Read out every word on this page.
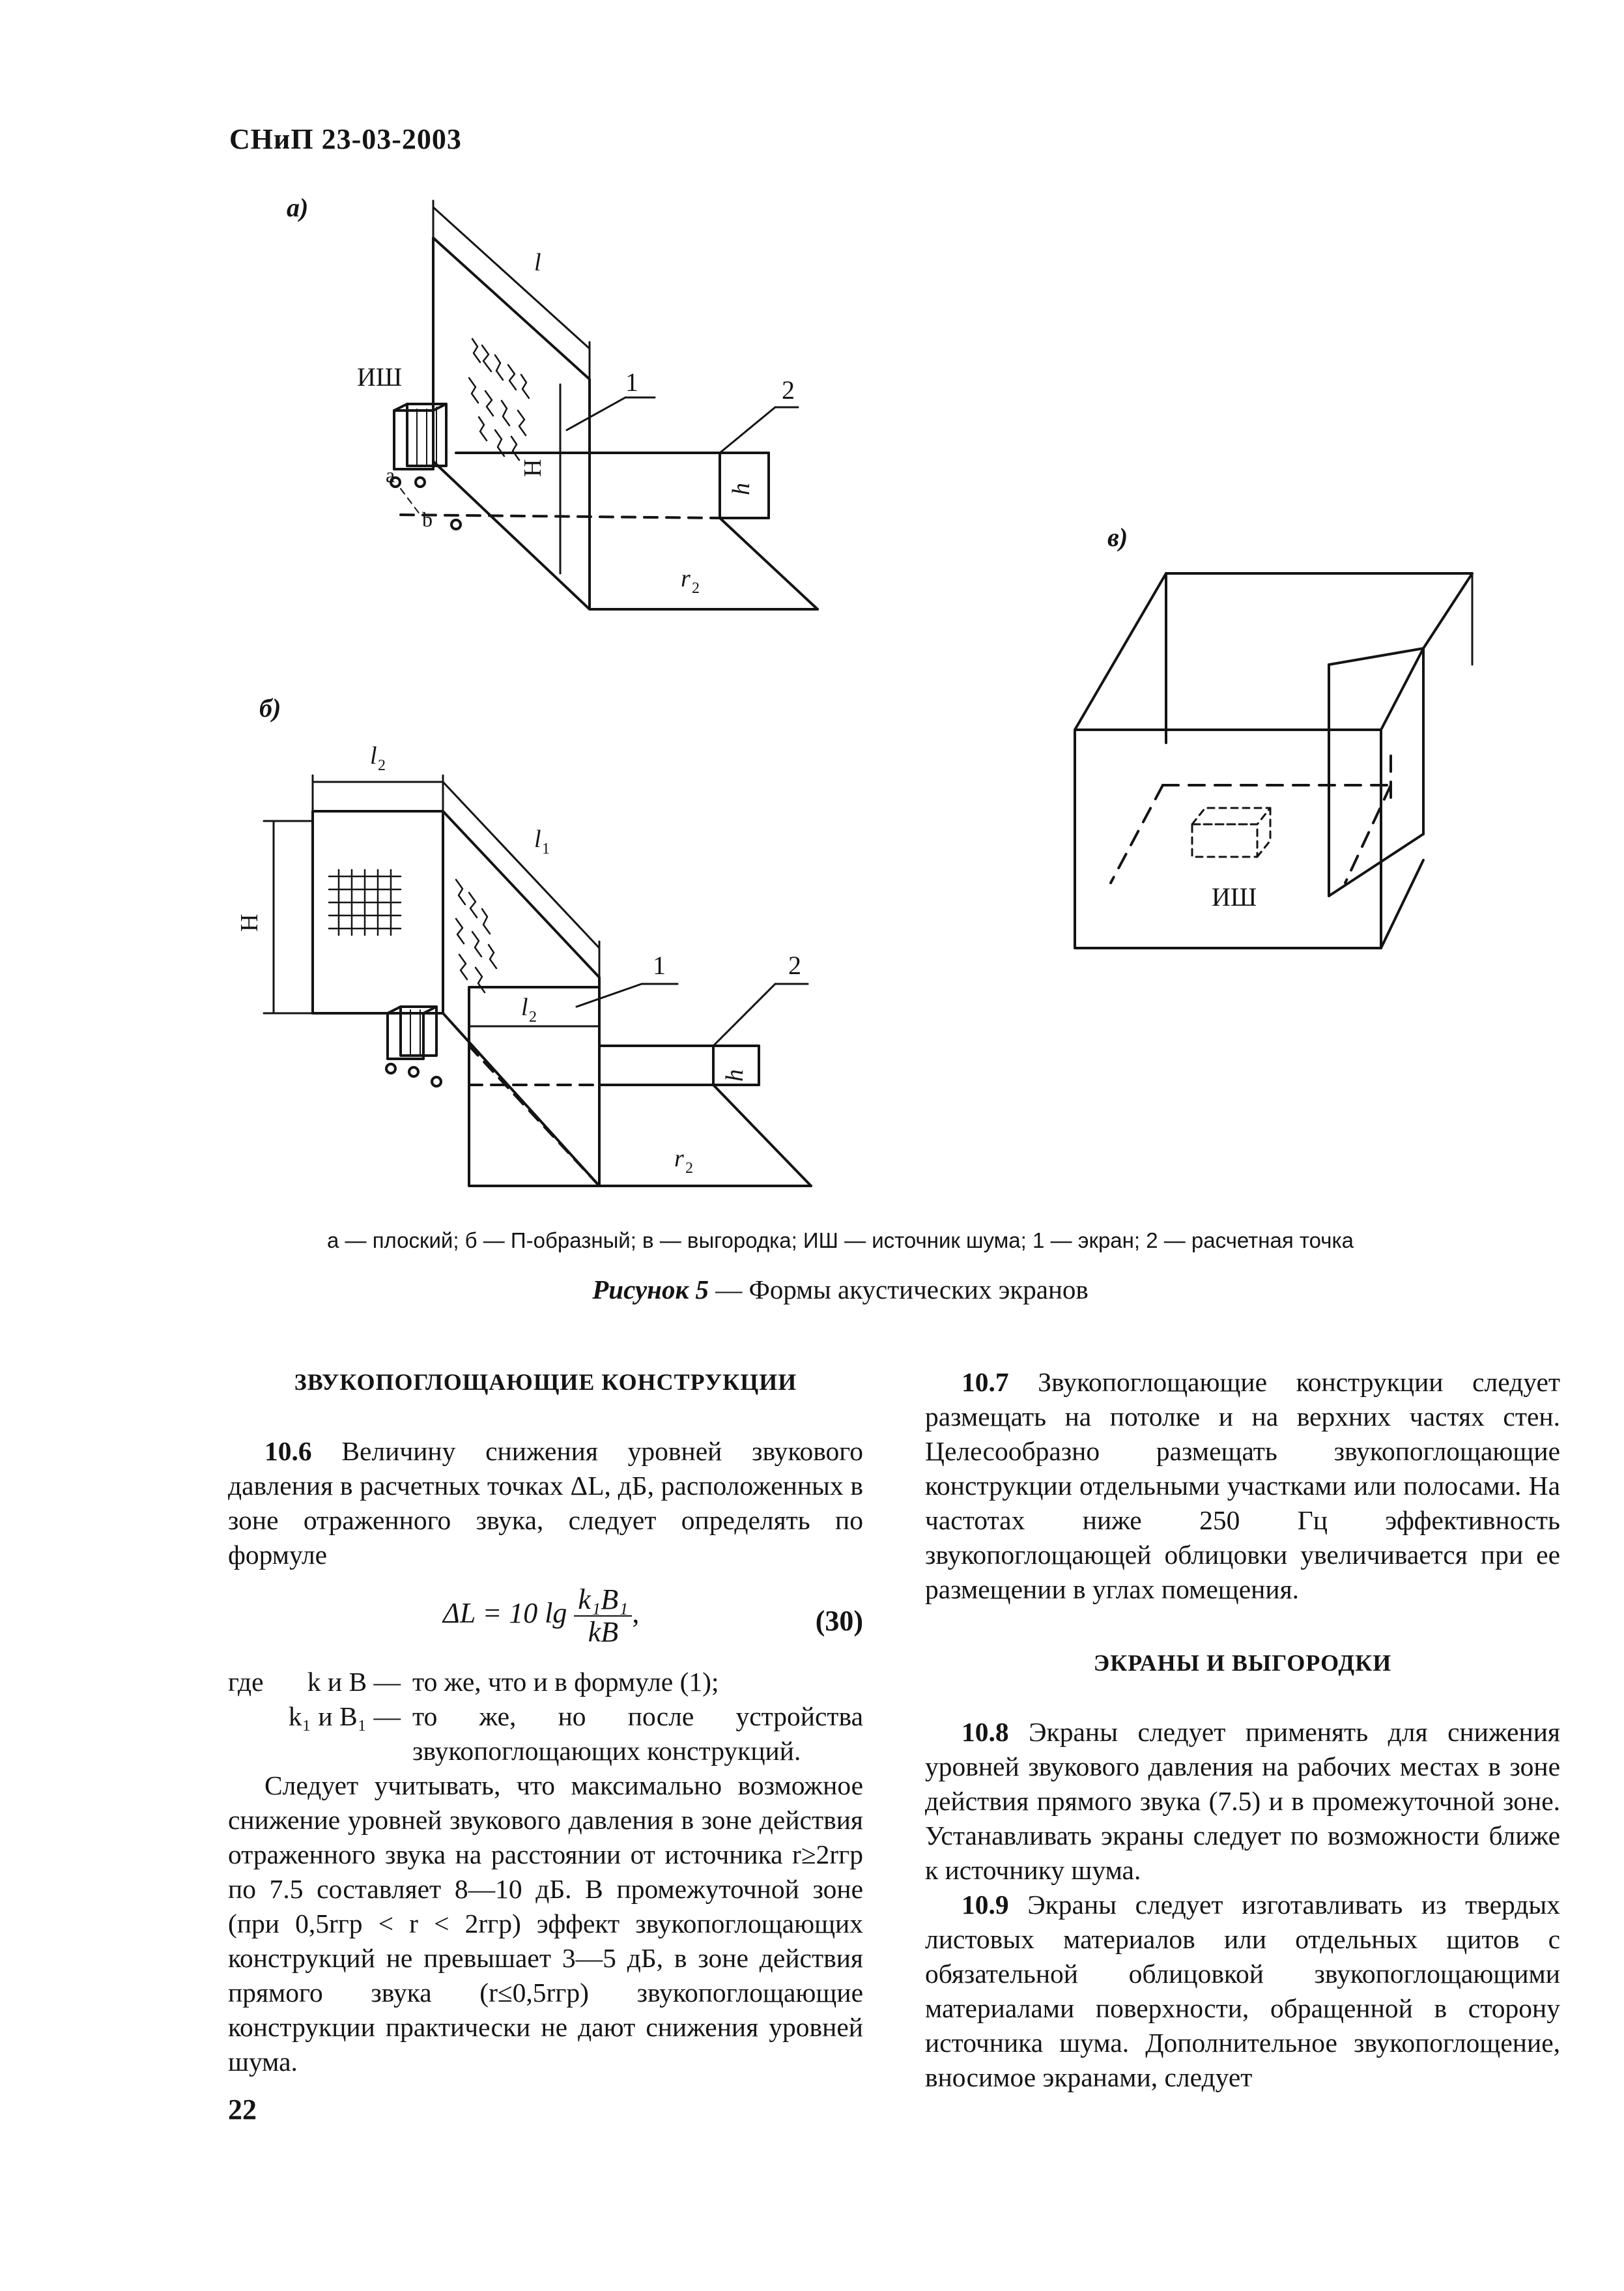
СНиП 23-03-2003
а)
ИШ	1	2
Н
h
l
r 2
а
b
б)
1	2
Н
h
l 2
l 2
l 1
r 2
в)
ИШ
а — плоский; б — П-образный; в — выгородка; ИШ — источник шума; 1 — экран; 2 — расчетная точка
Рисунок 5 — Формы акустических экранов
ЗВУКОПОГЛОЩАЮЩИЕ КОНСТРУКЦИИ

10.6 Величину снижения уровней звукового давления в расчетных точках ΔL, дБ, расположенных в зоне отраженного звука, следует определять по формуле

ΔL = 10 $\lg \frac{\text{k₁B₁}}{kB}$ ,	(30)
где	k и B — то же, что и в формуле (1);
k₁ и B₁ — то же, но после устройства звукопоглощающих конструкций.

Следует учитывать, что максимально возможное снижение уровней звукового давления в зоне действия отраженного звука на расстоянии от источника r≥2rгр по 7.5 составляет 8—10 дБ. В промежуточной зоне (при 0,5rгр < r < 2rгр) эффект звукопоглощающих конструкций не превышает 3—5 дБ, в зоне действия прямого звука (r≤0,5rгр) звукопоглощающие конструкции практически не дают снижения уровней шума.

10.7 Звукопоглощающие конструкции следует размещать на потолке и на верхних частях стен. Целесообразно размещать звукопоглощающие конструкции отдельными участками или полосами. На частотах ниже 250 Гц эффективность звукопоглощающей облицовки увеличивается при ее размещении в углах помещения.

ЭКРАНЫ И ВЫГОРОДКИ

10.8 Экраны следует применять для снижения уровней звукового давления на рабочих местах в зоне действия прямого звука (7.5) и в промежуточной зоне. Устанавливать экраны следует по возможности ближе к источнику шума.

10.9 Экраны следует изготавливать из твердых листовых материалов или отдельных щитов с обязательной облицовкой звукопоглощающими материалами поверхности, обращенной в сторону источника шума. Дополнительное звукопоглощение, вносимое экранами, следует

22
